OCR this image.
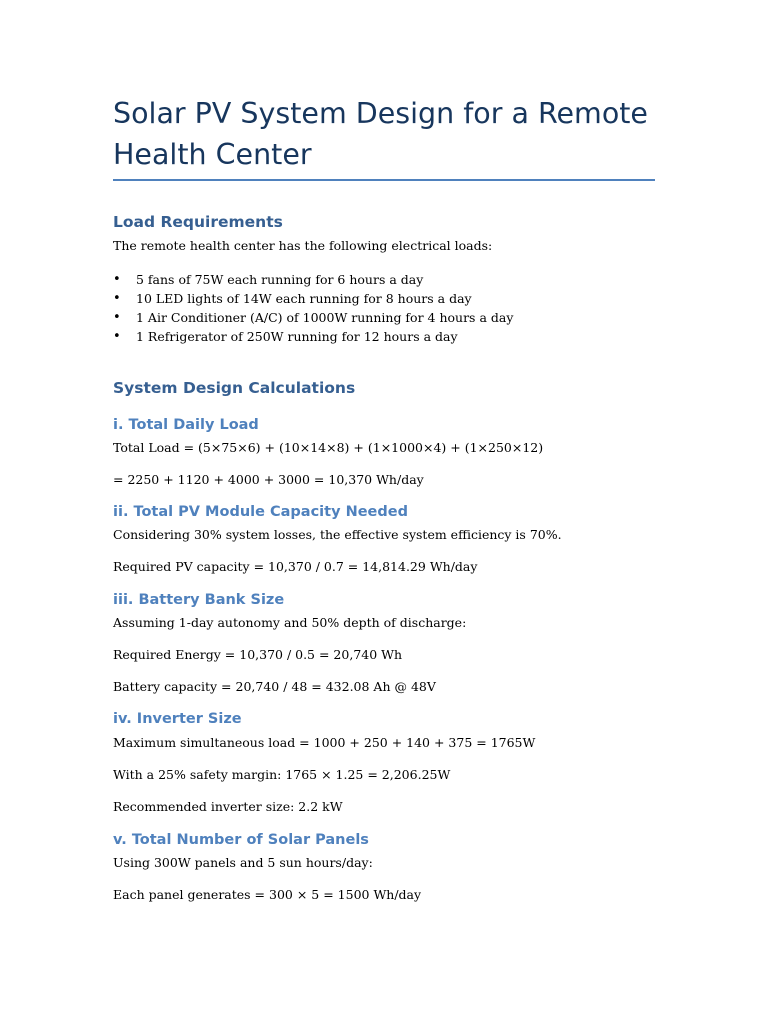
Solar PV System Design for a Remote Health Center
Load Requirements

The remote health center has the following electrical loads:

• 5 fans of 75W each running for 6 hours a day
• 10 LED lights of 14W each running for 8 hours a day
• 1 Air Conditioner (A/C) of 1000W running for 4 hours a day
• 1 Refrigerator of 250W running for 12 hours a day
System Design Calculations
i. Total Daily Load

Total Load = (5×75×6) + (10×14×8) + (1×1000×4) + (1×250×12)

= 2250 + 1120 + 4000 + 3000 = 10,370 Wh/day

ii. Total PV Module Capacity Needed

Considering 30% system losses, the effective system efficiency is 70%.

Required PV capacity = 10,370 / 0.7 = 14,814.29 Wh/day

iii. Battery Bank Size

Assuming 1-day autonomy and 50% depth of discharge:

Required Energy = 10,370 / 0.5 = 20,740 Wh

Battery capacity = 20,740 / 48 = 432.08 Ah @ 48V

iv. Inverter Size

Maximum simultaneous load = 1000 + 250 + 140 + 375 = 1765W

With a 25% safety margin: 1765 × 1.25 = 2,206.25W

Recommended inverter size: 2.2 kW

v. Total Number of Solar Panels

Using 300W panels and 5 sun hours/day:

Each panel generates = 300 × 5 = 1500 Wh/day
